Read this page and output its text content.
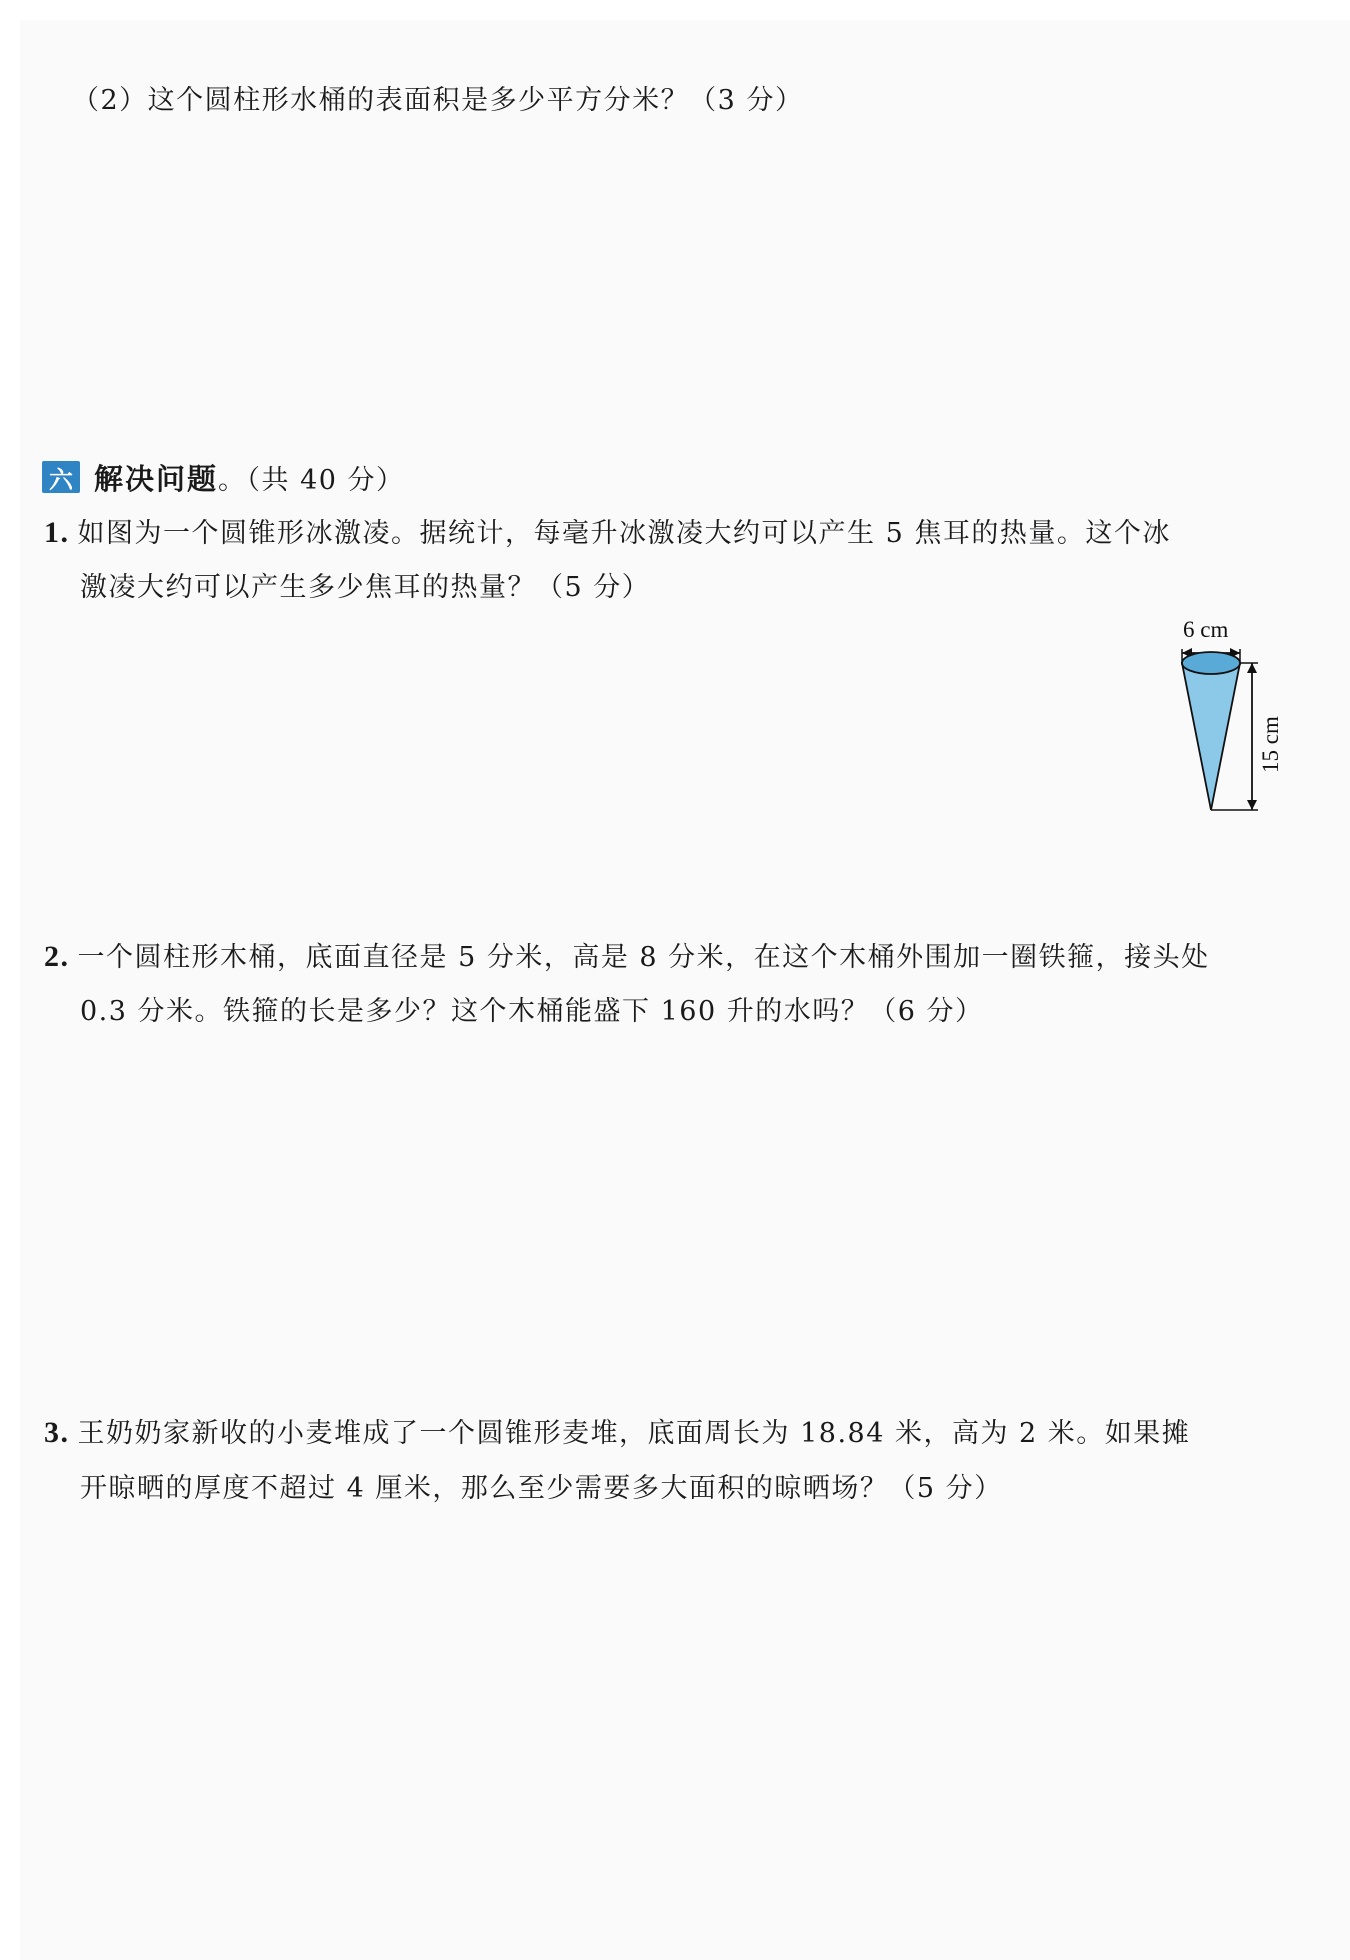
（2）这个圆柱形水桶的表面积是多少平方分米？（3 分）
六 解决问题 。（共 40 分）
1. 如图为一个圆锥形冰激凌。据统计，每毫升冰激凌大约可以产生 5 焦耳的热量。这个冰
激凌大约可以产生多少焦耳的热量？（5 分）
6 cm
15 cm
2. 一个圆柱形木桶，底面直径是 5 分米，高是 8 分米，在这个木桶外围加一圈铁箍，接头处
0.3 分米。铁箍的长是多少？这个木桶能盛下 160 升的水吗？（6 分）
3. 王奶奶家新收的小麦堆成了一个圆锥形麦堆，底面周长为 18.84 米，高为 2 米。如果摊
开晾晒的厚度不超过 4 厘米，那么至少需要多大面积的晾晒场？（5 分）
